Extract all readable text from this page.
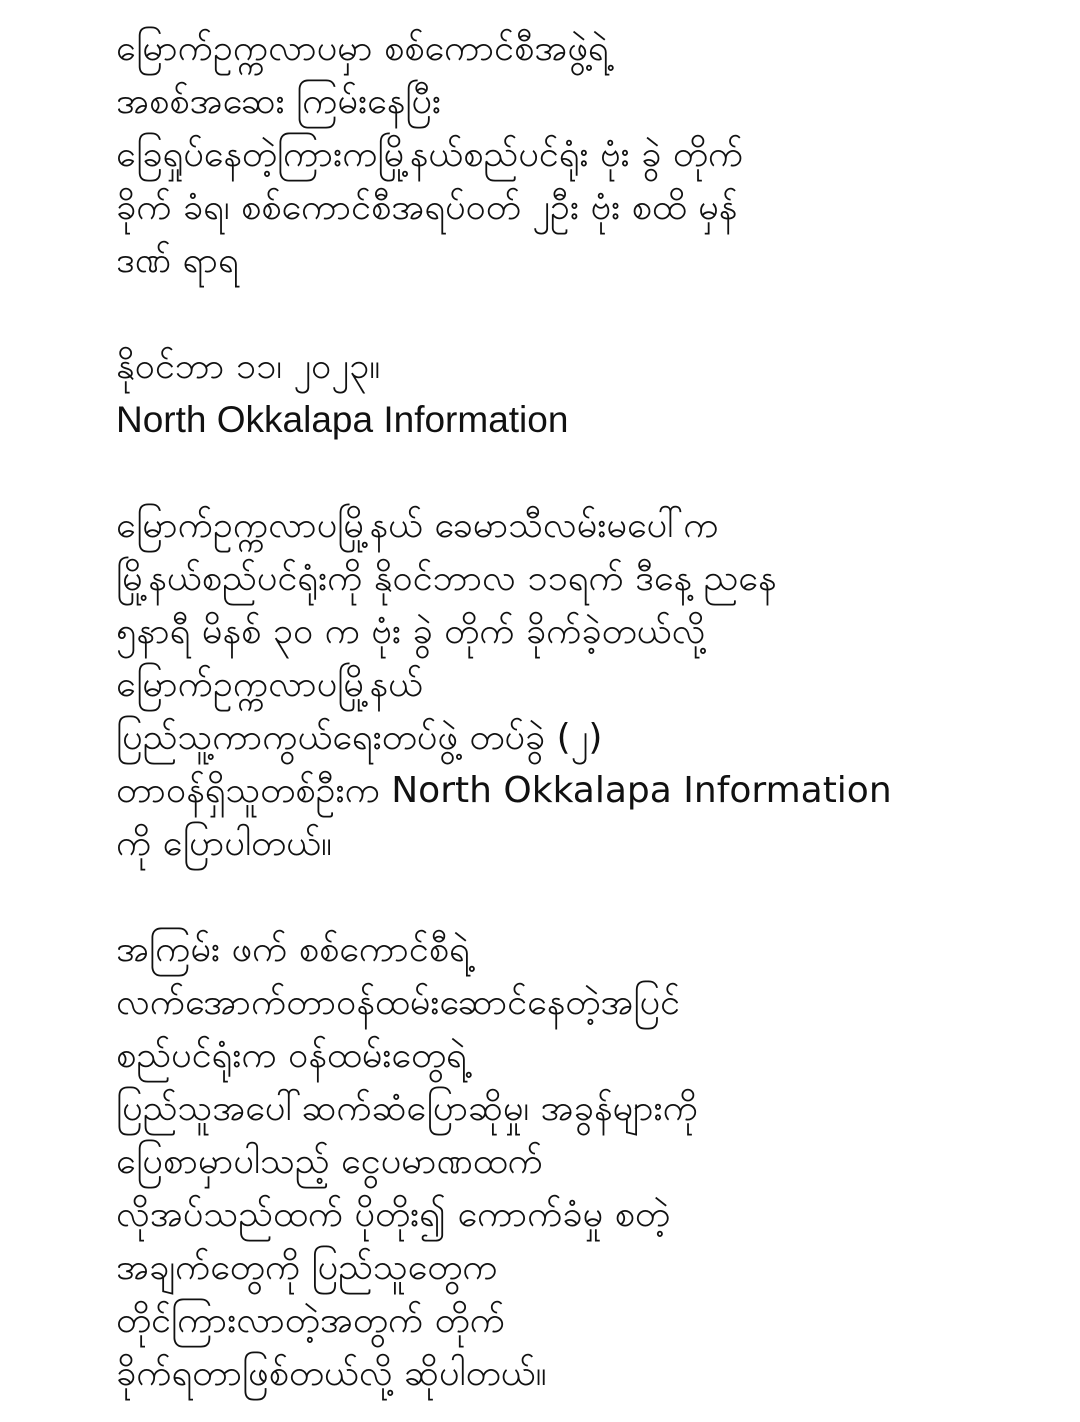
မြောက်ဥက္ကလာပမှာ စစ်ကောင်စီအဖွဲ့ရဲ့

အစစ်အဆေး ကြမ်းနေပြီး

ခြေရှုပ်နေတဲ့ကြားကမြို့နယ်စည်ပင်ရုံး ဗုံး ခွဲ တိုက်

ခိုက် ခံရ၊ စစ်ကောင်စီအရပ်ဝတ် ၂ဦး ဗုံး စထိ မှန်

ဒဏ် ရာရ

နိုဝင်ဘာ ၁၁၊ ၂၀၂၃။

North Okkalapa Information

မြောက်ဥက္ကလာပမြို့နယ် ခေမာသီလမ်းမပေါ်က

မြို့နယ်စည်ပင်ရုံးကို နိုဝင်ဘာလ ၁၁ရက် ဒီနေ့ ညနေ

၅နာရီ မိနစ် ၃၀ က ဗုံး ခွဲ တိုက် ခိုက်ခဲ့တယ်လို့

မြောက်ဥက္ကလာပမြို့နယ်

ပြည်သူ့ကာကွယ်ရေးတပ်ဖွဲ့ တပ်ခွဲ (၂)

တာဝန်ရှိသူတစ်ဦးက North Okkalapa Information

ကို ပြောပါတယ်။

အကြမ်း ဖက် စစ်ကောင်စီရဲ့

လက်အောက်တာဝန်ထမ်းဆောင်နေတဲ့အပြင်

စည်ပင်ရုံးက ဝန်ထမ်းတွေရဲ့

ပြည်သူအပေါ်ဆက်ဆံပြောဆိုမှု၊ အခွန်များကို

ပြေစာမှာပါသည့် ငွေပမာဏထက်

လိုအပ်သည်ထက် ပိုတိုး၍ ကောက်ခံမှု စတဲ့

အချက်တွေကို ပြည်သူတွေက

တိုင်ကြားလာတဲ့အတွက် တိုက်

ခိုက်ရတာဖြစ်တယ်လို့ ဆိုပါတယ်။
